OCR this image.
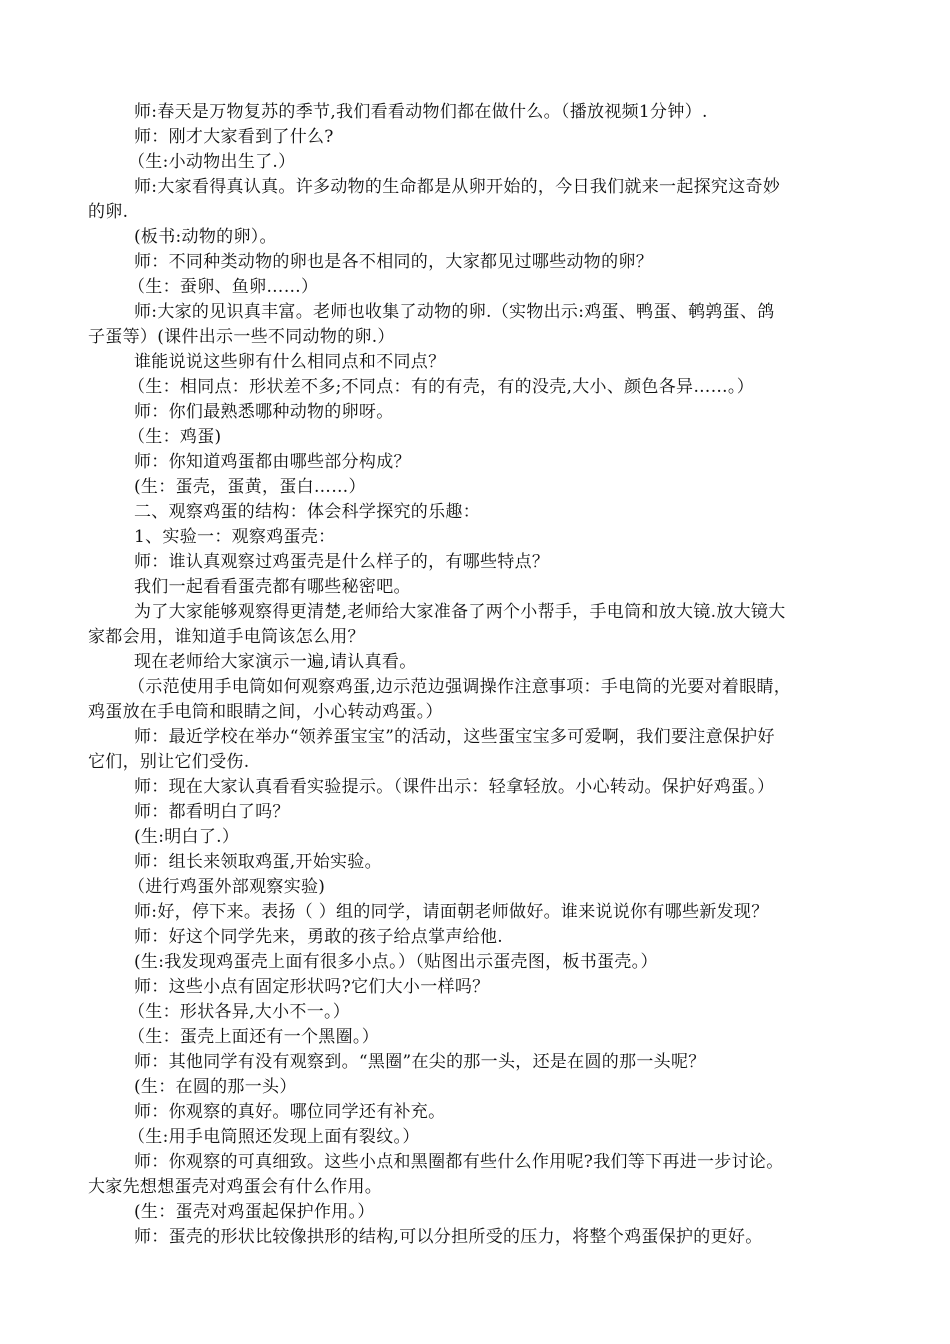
师:春天是万物复苏的季节,我们看看动物们都在做什么。（播放视频1分钟）.
师：刚才大家看到了什么?
（生:小动物出生了.）
师:大家看得真认真。许多动物的生命都是从卵开始的，今日我们就来一起探究这奇妙
的卵.
(板书:动物的卵）。
师：不同种类动物的卵也是各不相同的，大家都见过哪些动物的卵？
（生：蚕卵、鱼卵……）
师:大家的见识真丰富。老师也收集了动物的卵.（实物出示:鸡蛋、鸭蛋、鹌鹑蛋、鸽
子蛋等）(课件出示一些不同动物的卵.）
谁能说说这些卵有什么相同点和不同点？
（生：相同点：形状差不多;不同点：有的有壳，有的没壳,大小、颜色各异……。）
师：你们最熟悉哪种动物的卵呀。
（生：鸡蛋)
师：你知道鸡蛋都由哪些部分构成？
(生：蛋壳，蛋黄，蛋白……）
二、观察鸡蛋的结构：体会科学探究的乐趣：
1、实验一：观察鸡蛋壳：
师：谁认真观察过鸡蛋壳是什么样子的，有哪些特点？
我们一起看看蛋壳都有哪些秘密吧。
为了大家能够观察得更清楚,老师给大家准备了两个小帮手，手电筒和放大镜.放大镜大
家都会用，谁知道手电筒该怎么用？
现在老师给大家演示一遍,请认真看。
（示范使用手电筒如何观察鸡蛋,边示范边强调操作注意事项：手电筒的光要对着眼睛，
鸡蛋放在手电筒和眼睛之间，小心转动鸡蛋。）
师：最近学校在举办“领养蛋宝宝”的活动，这些蛋宝宝多可爱啊，我们要注意保护好
它们，别让它们受伤.
师：现在大家认真看看实验提示。（课件出示：轻拿轻放。小心转动。保护好鸡蛋。）
师：都看明白了吗？
(生:明白了.）
师：组长来领取鸡蛋,开始实验。
（进行鸡蛋外部观察实验)
师:好，停下来。表扬（ ）组的同学，请面朝老师做好。谁来说说你有哪些新发现？
师：好这个同学先来，勇敢的孩子给点掌声给他.
(生:我发现鸡蛋壳上面有很多小点。）（贴图出示蛋壳图，板书蛋壳。）
师：这些小点有固定形状吗?它们大小一样吗？
（生：形状各异,大小不一。）
（生：蛋壳上面还有一个黑圈。）
师：其他同学有没有观察到。“黑圈”在尖的那一头，还是在圆的那一头呢？
(生：在圆的那一头）
师：你观察的真好。哪位同学还有补充。
（生:用手电筒照还发现上面有裂纹。）
师：你观察的可真细致。这些小点和黑圈都有些什么作用呢?我们等下再进一步讨论。
大家先想想蛋壳对鸡蛋会有什么作用。
(生：蛋壳对鸡蛋起保护作用。）
师：蛋壳的形状比较像拱形的结构,可以分担所受的压力，将整个鸡蛋保护的更好。
